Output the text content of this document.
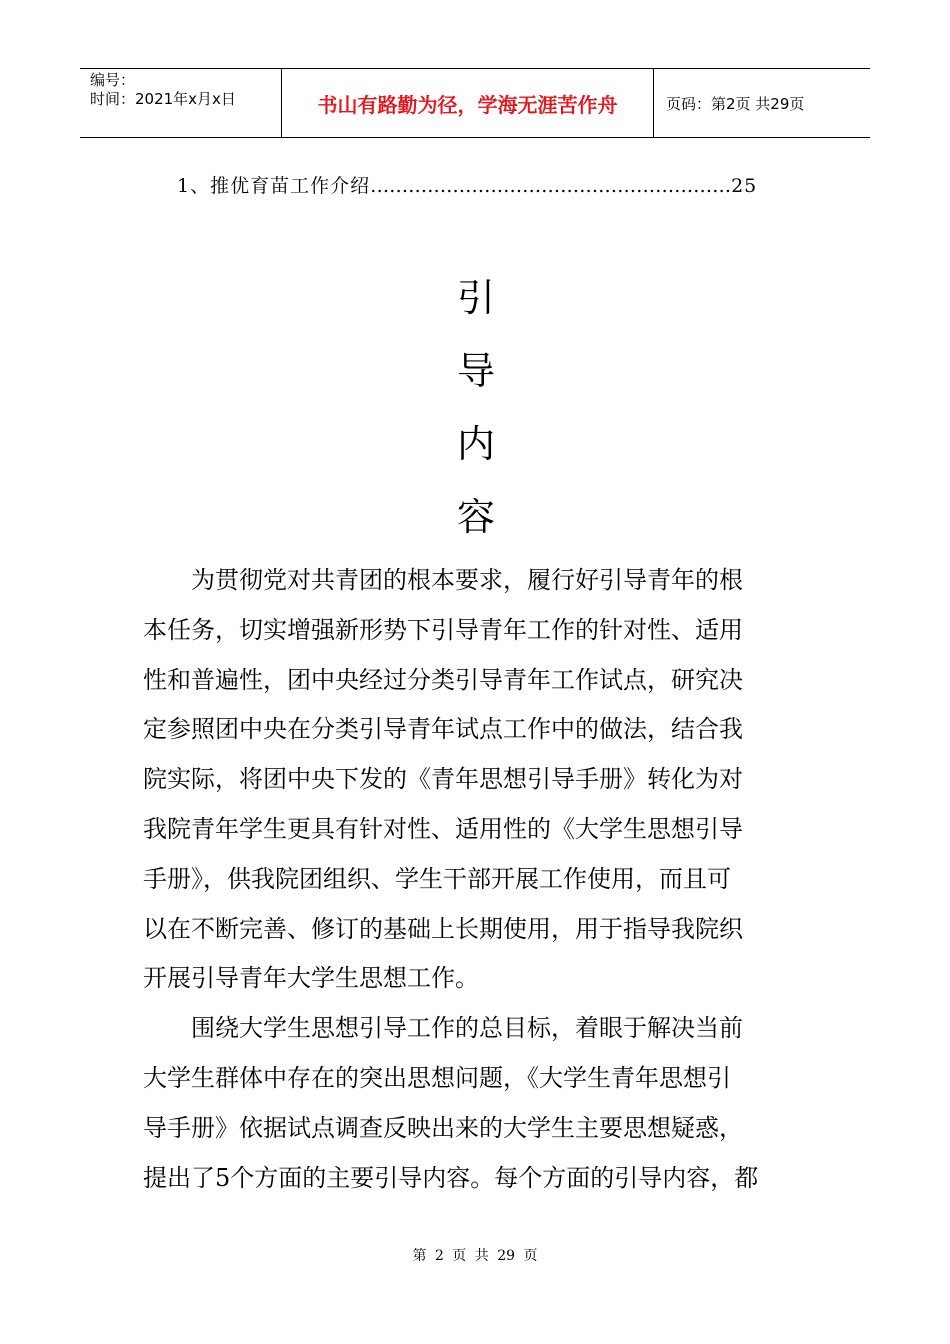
编号：
时间：2021年x月x日	书山有路勤为径，学海无涯苦作舟	页码：第2页 共29页
1、推优育苗工作介绍…………………………………………………25
引
导
内
容
　　为贯彻党对共青团的根本要求，履行好引导青年的根
本任务，切实增强新形势下引导青年工作的针对性、适用
性和普遍性，团中央经过分类引导青年工作试点，研究决
定参照团中央在分类引导青年试点工作中的做法，结合我
院实际，将团中央下发的《青年思想引导手册》转化为对
我院青年学生更具有针对性、适用性的《大学生思想引导
手册》，供我院团组织、学生干部开展工作使用，而且可
以在不断完善、修订的基础上长期使用，用于指导我院织
开展引导青年大学生思想工作。
　　围绕大学生思想引导工作的总目标，着眼于解决当前
大学生群体中存在的突出思想问题，《大学生青年思想引
导手册》依据试点调查反映出来的大学生主要思想疑惑，
提出了5个方面的主要引导内容。每个方面的引导内容，都
第 2 页 共 29 页
